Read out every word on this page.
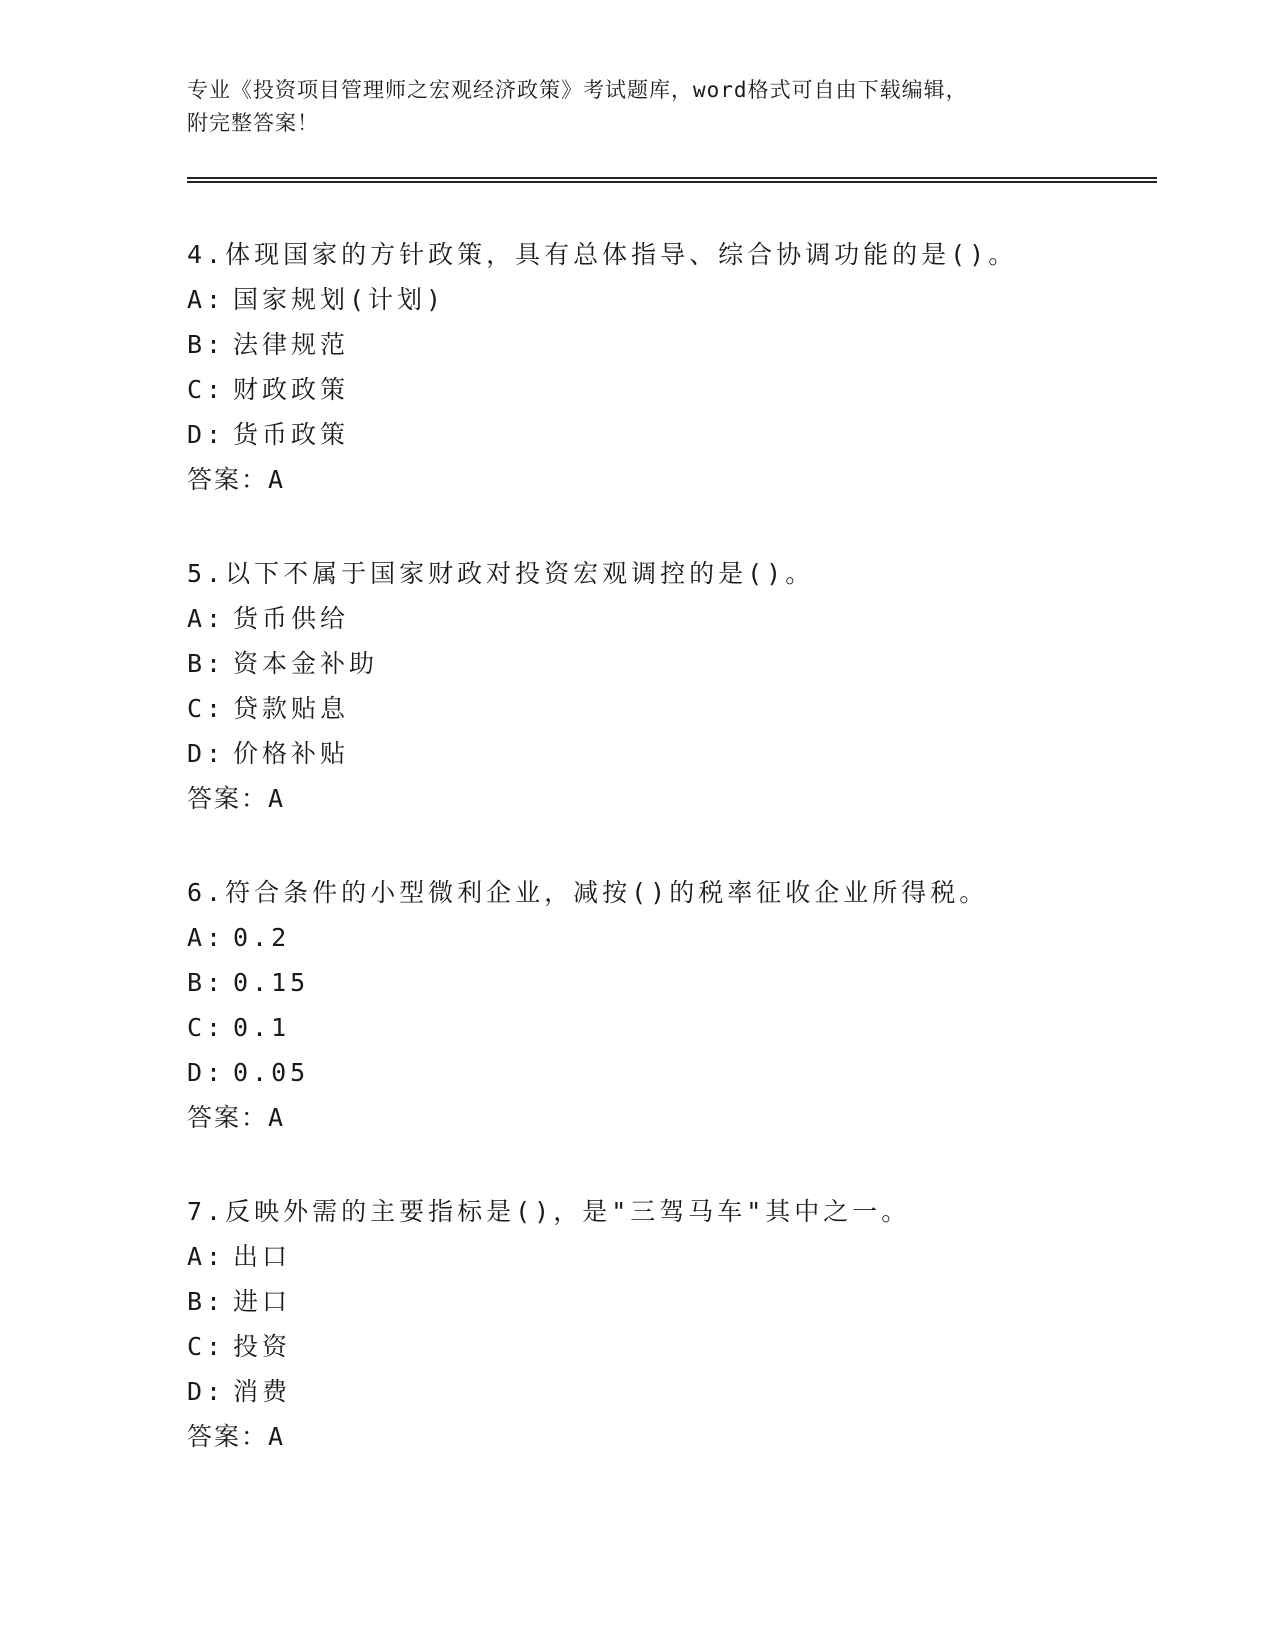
专业《投资项目管理师之宏观经济政策》考试题库，word格式可自由下载编辑，
附完整答案！
4.体现国家的方针政策，具有总体指导、综合协调功能的是()。
A: 国家规划(计划)
B: 法律规范
C: 财政政策
D: 货币政策
答案：A
5.以下不属于国家财政对投资宏观调控的是()。
A: 货币供给
B: 资本金补助
C: 贷款贴息
D: 价格补贴
答案：A
6.符合条件的小型微利企业，减按()的税率征收企业所得税。
A: 0.2
B: 0.15
C: 0.1
D: 0.05
答案：A
7.反映外需的主要指标是()，是"三驾马车"其中之一。
A: 出口
B: 进口
C: 投资
D: 消费
答案：A
